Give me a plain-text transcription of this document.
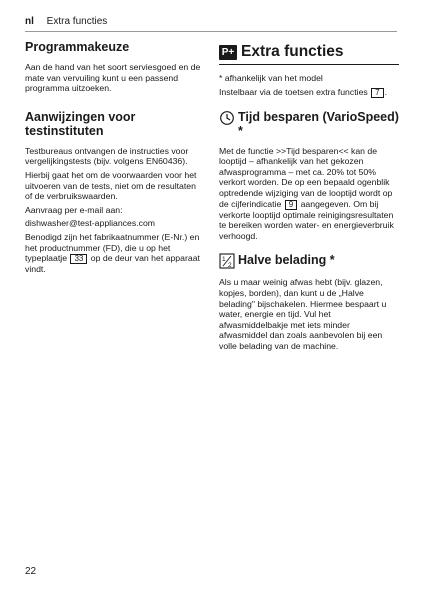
nl Extra functies
Programmakeuze

Aan de hand van het soort serviesgoed en de mate van vervuiling kunt u een passend programma uitzoeken.

Aanwijzingen voor testinstituten

Testbureaus ontvangen de instructies voor vergelijkingstests (bijv. volgens EN60436).

Hierbij gaat het om de voorwaarden voor het uitvoeren van de tests, niet om de resultaten of de verbruikswaarden.

Aanvraag per e-mail aan:

dishwasher@test-appliances.com

Benodigd zijn het fabrikaatnummer (E-Nr.) en het productnummer (FD), die u op het typeplaatje 33 op de deur van het apparaat vindt.

P+ Extra functies

* afhankelijk van het model

Instelbaar via de toetsen extra functies 7 .

Tijd besparen (VarioSpeed) *

Met de functie >>Tijd besparen<< kan de looptijd – afhankelijk van het gekozen afwasprogramma – met ca. 20% tot 50% verkort worden. De op een bepaald ogenblik optredende wijziging van de looptijd wordt op de cijferindicatie 9 aangegeven. Om bij verkorte looptijd optimale reinigingsresultaten te bereiken worden water- en energieverbruik verhoogd.

1
2 Halve belading *

Als u maar weinig afwas hebt (bijv. glazen, kopjes, borden), dan kunt u de „Halve belading" bijschakelen. Hiermee bespaart u water, energie en tijd. Vul het afwasmiddelbakje met iets minder afwasmiddel dan zoals aanbevolen bij een volle belading van de machine.

22
